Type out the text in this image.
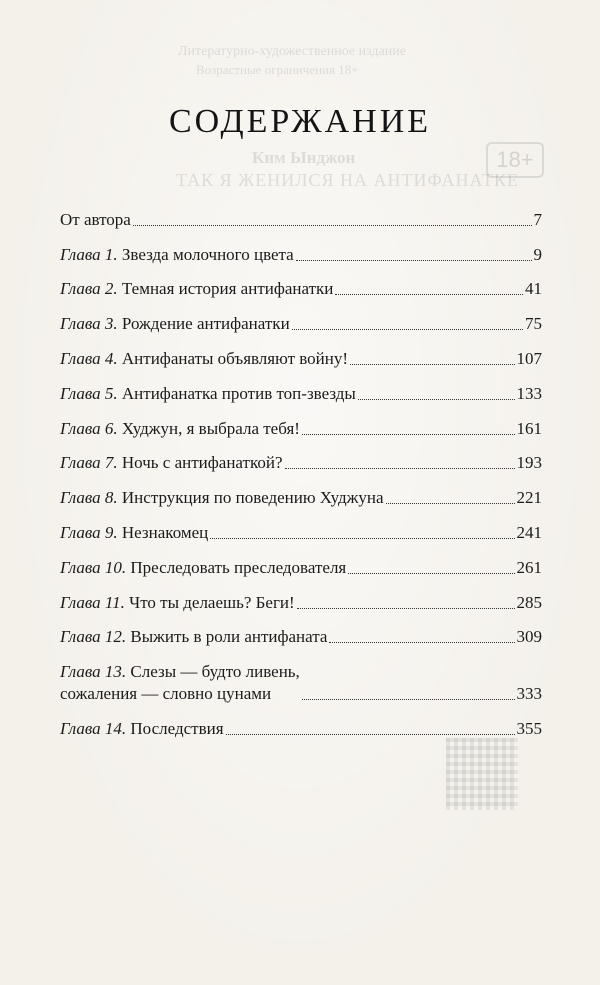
Литературно-художественное издание
Возрастные ограничения 18+
Ким Ынджон
ТАК Я ЖЕНИЛСЯ НА АНТИФАНАТКЕ
18+
СОДЕРЖАНИЕ
От автора	7
Глава 1. Звезда молочного цвета	9
Глава 2. Темная история антифанатки	41
Глава 3. Рождение антифанатки	75
Глава 4. Антифанаты объявляют войну!	107
Глава 5. Антифанатка против топ-звезды	133
Глава 6. Худжун, я выбрала тебя!	161
Глава 7. Ночь с антифанаткой?	193
Глава 8. Инструкция по поведению Худжуна	221
Глава 9. Незнакомец	241
Глава 10. Преследовать преследователя	261
Глава 11. Что ты делаешь? Беги!	285
Глава 12. Выжить в роли антифаната	309
Глава 13. Слезы — будто ливень,
сожаления — словно цунами	333
Глава 14. Последствия	355
